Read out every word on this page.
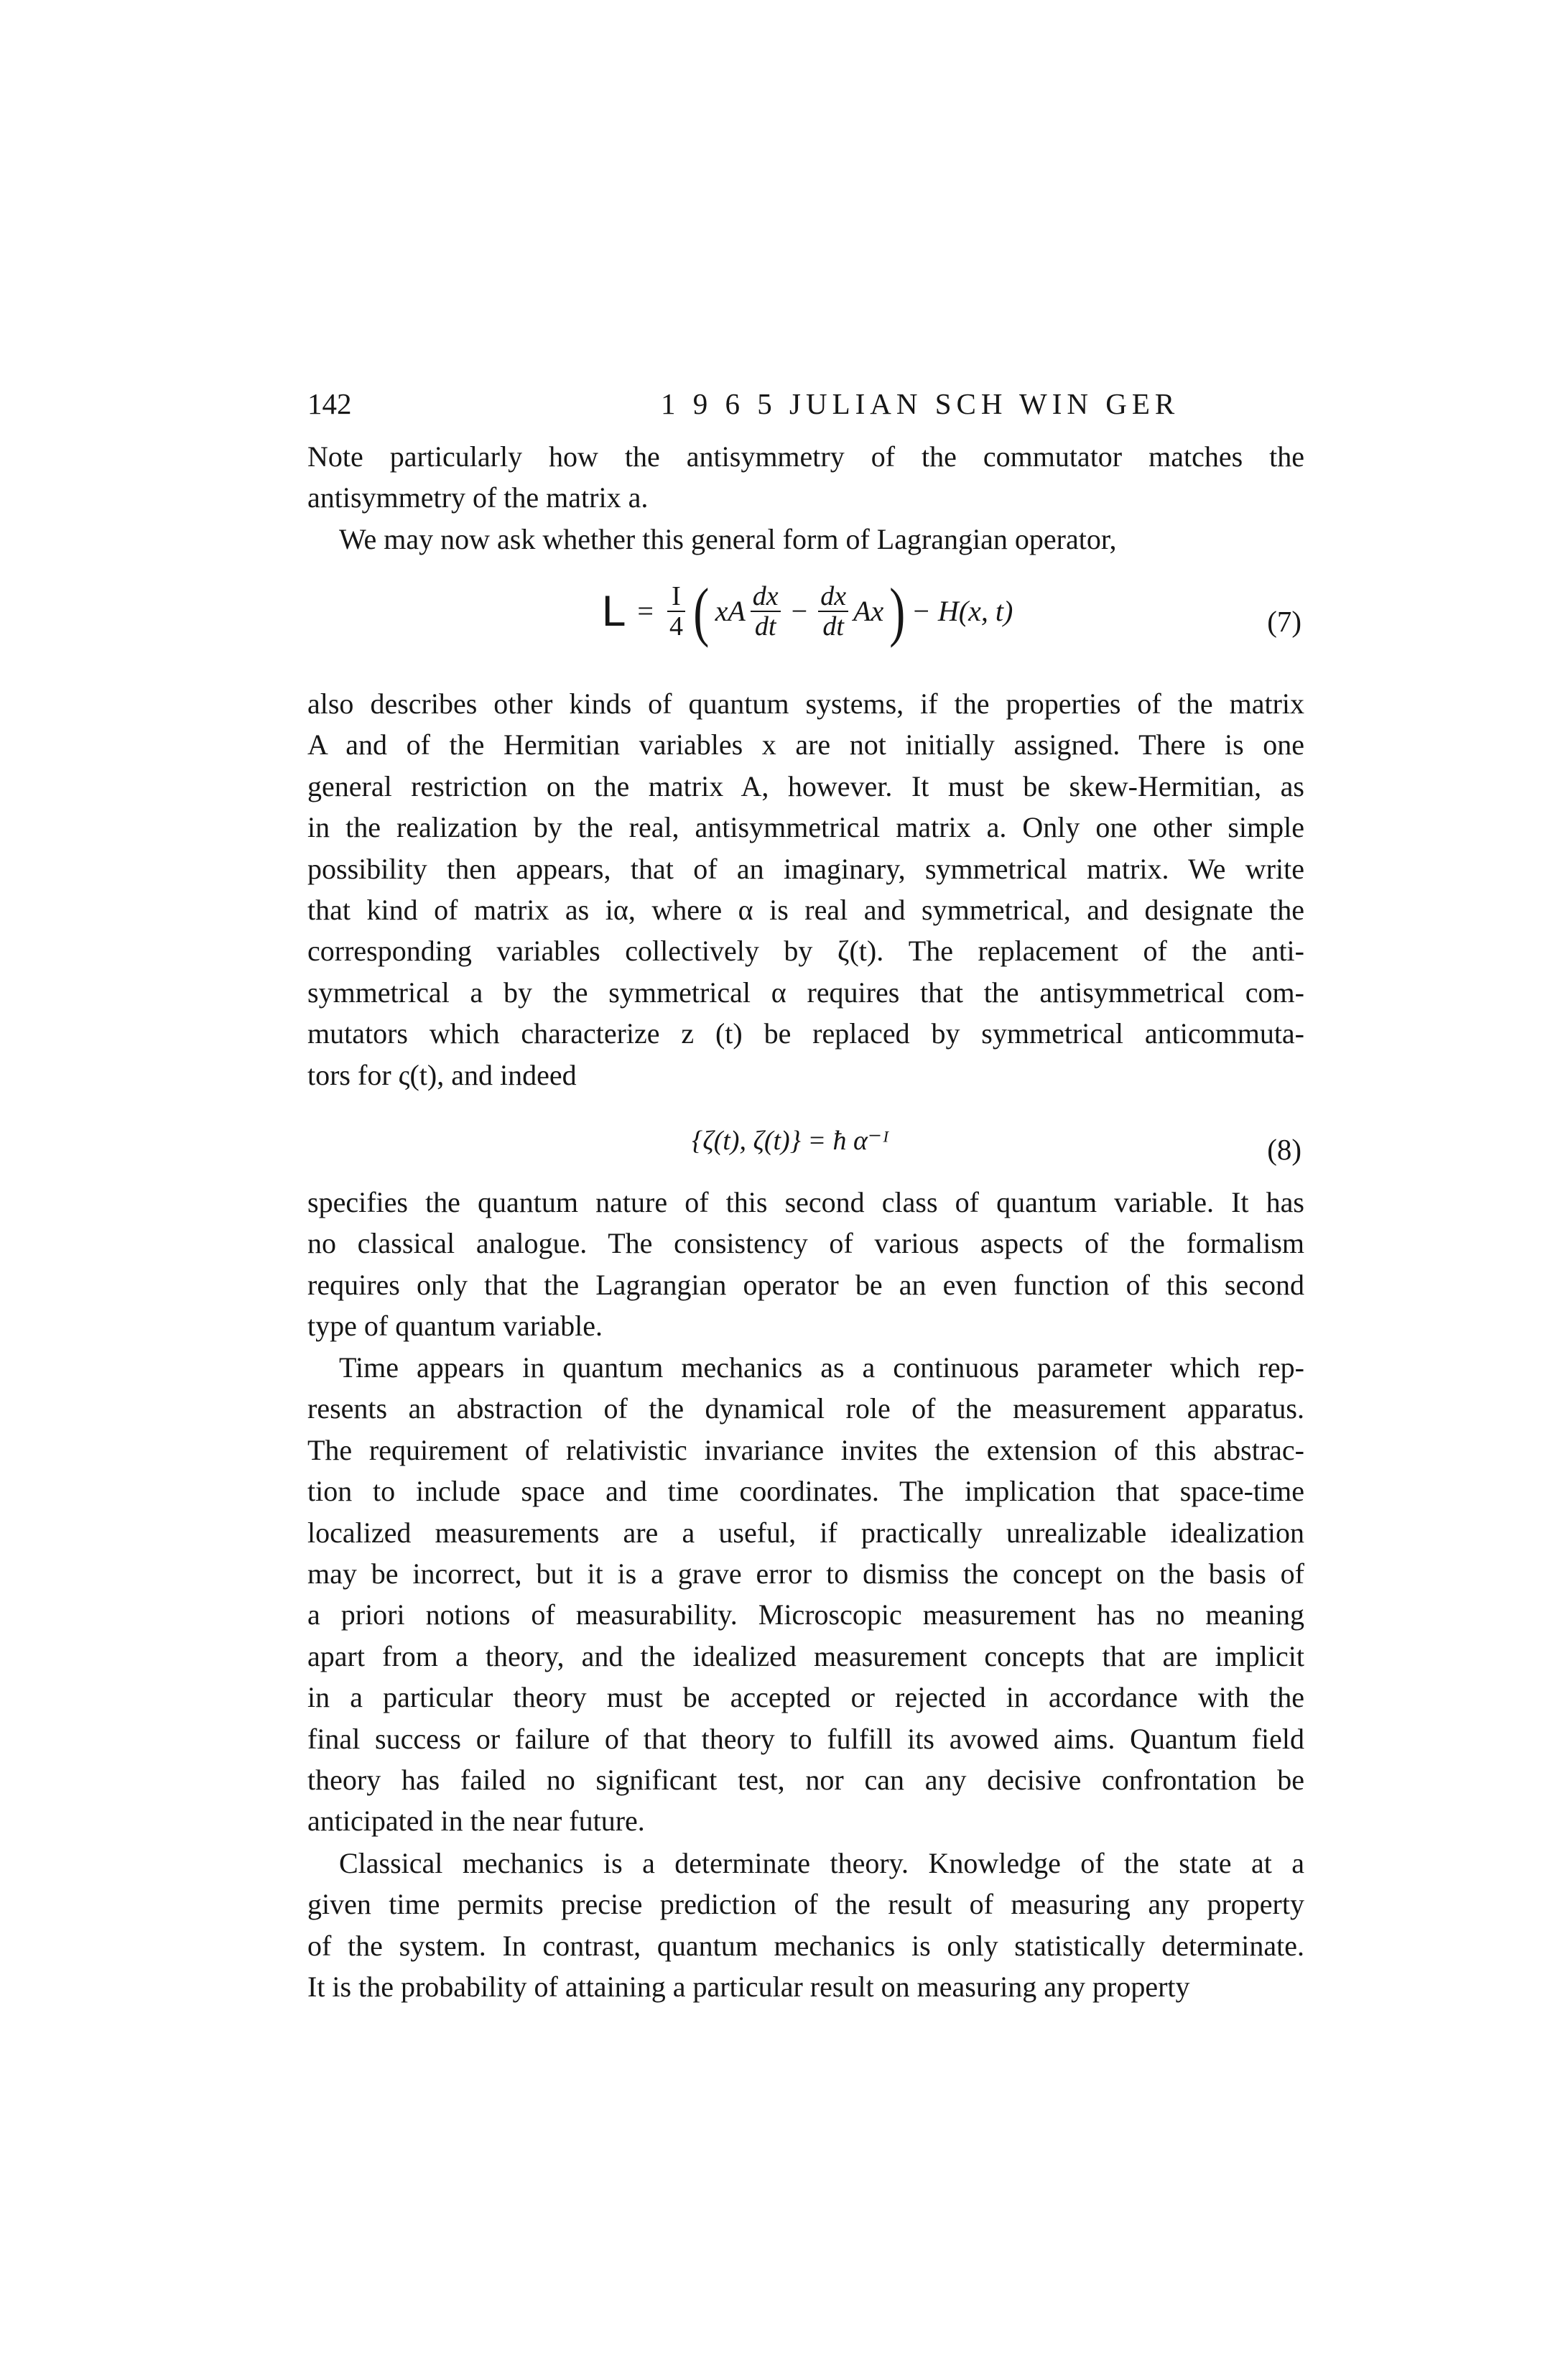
142	1 9 6 5 JULIAN SCH WIN GER

Note particularly how the antisymmetry of the commutator matches the
antisymmetry of the matrix a.

We may now ask whether this general form of Lagrangian operator,

$L = \frac{I}{4}$ ( xA $\frac{dx}{dt} - \frac{dx}{dt}$ Ax ) − H(x, t)	(7)

also describes other kinds of quantum systems, if the properties of the matrix
A and of the Hermitian variables x are not initially assigned. There is one
general restriction on the matrix A, however. It must be skew-Hermitian, as
in the realization by the real, antisymmetrical matrix a. Only one other simple
possibility then appears, that of an imaginary, symmetrical matrix. We write
that kind of matrix as iα, where α is real and symmetrical, and designate the
corresponding variables collectively by ζ(t). The replacement of the anti-
symmetrical a by the symmetrical α requires that the antisymmetrical com-
mutators which characterize z (t) be replaced by symmetrical anticommuta-
tors for ς(t), and indeed

{ζ(t), ζ(t)} = ħ α⁻ᴵ	(8)

specifies the quantum nature of this second class of quantum variable. It has
no classical analogue. The consistency of various aspects of the formalism
requires only that the Lagrangian operator be an even function of this second
type of quantum variable.

Time appears in quantum mechanics as a continuous parameter which rep-
resents an abstraction of the dynamical role of the measurement apparatus.
The requirement of relativistic invariance invites the extension of this abstrac-
tion to include space and time coordinates. The implication that space-time
localized measurements are a useful, if practically unrealizable idealization
may be incorrect, but it is a grave error to dismiss the concept on the basis of
a priori notions of measurability. Microscopic measurement has no meaning
apart from a theory, and the idealized measurement concepts that are implicit
in a particular theory must be accepted or rejected in accordance with the
final success or failure of that theory to fulfill its avowed aims. Quantum field
theory has failed no significant test, nor can any decisive confrontation be
anticipated in the near future.

Classical mechanics is a determinate theory. Knowledge of the state at a
given time permits precise prediction of the result of measuring any property
of the system. In contrast, quantum mechanics is only statistically determinate.
It is the probability of attaining a particular result on measuring any property
